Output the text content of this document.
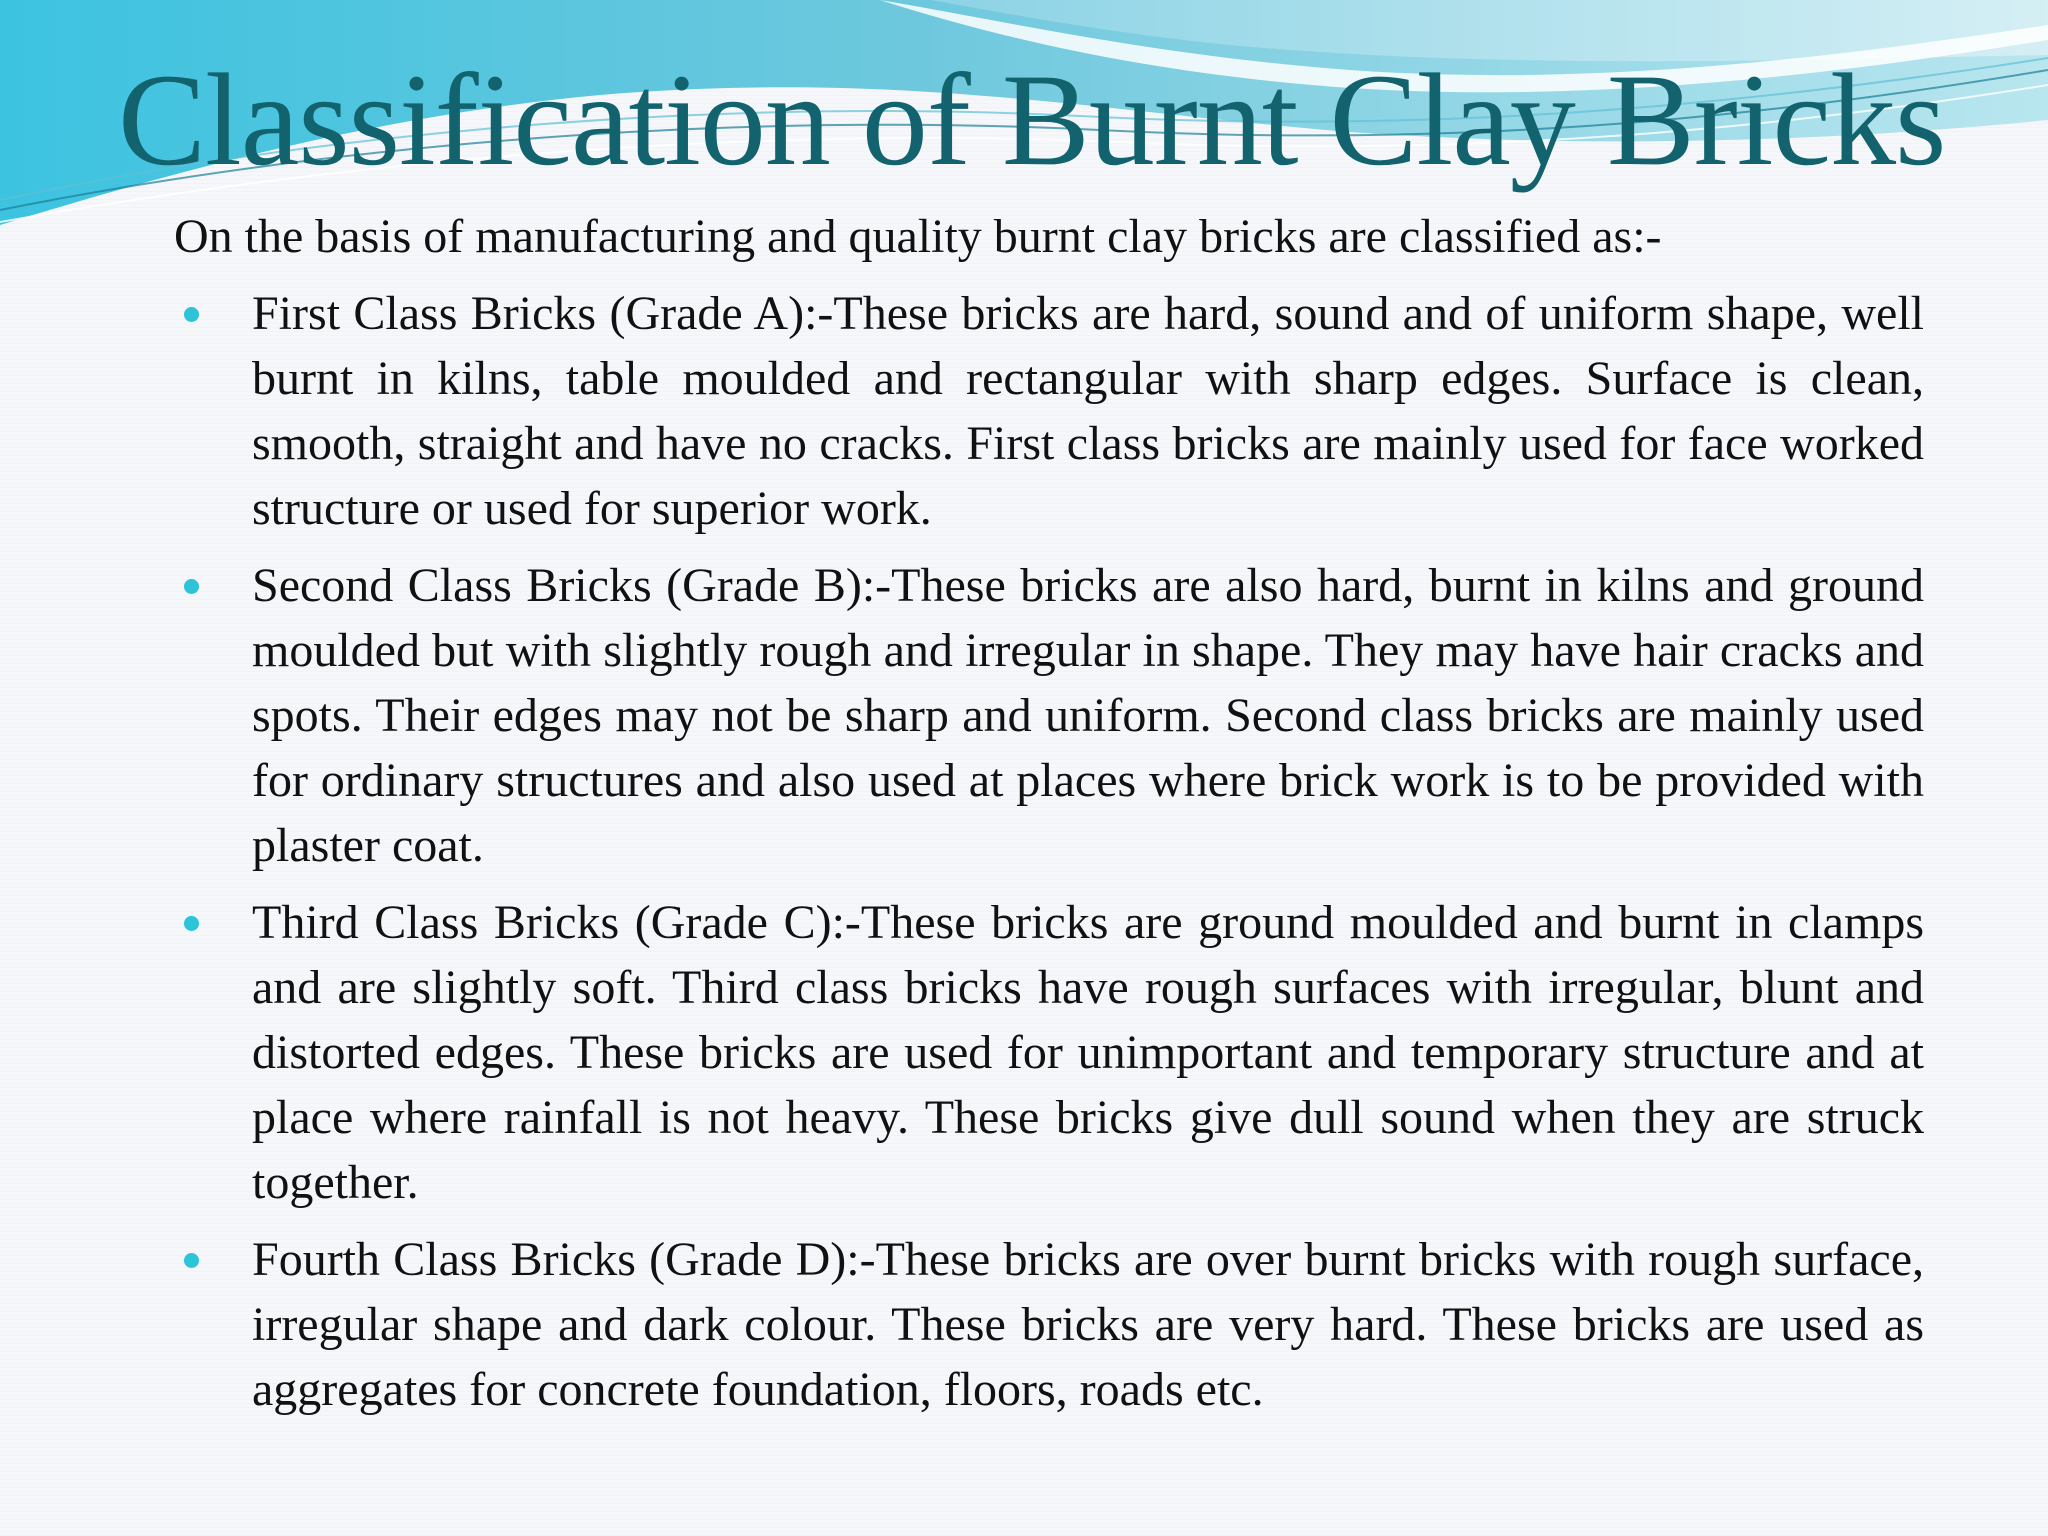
Classification of Burnt Clay Bricks

On the basis of manufacturing and quality burnt clay bricks are classified as:-

First Class Bricks (Grade A):-These bricks are hard, sound and of uniform shape, well burnt in kilns, table moulded and rectangular with sharp edges. Surface is clean, smooth, straight and have no cracks. First class bricks are mainly used for face worked structure or used for superior work.
Second Class Bricks (Grade B):-These bricks are also hard, burnt in kilns and ground moulded but with slightly rough and irregular in shape. They may have hair cracks and spots. Their edges may not be sharp and uniform. Second class bricks are mainly used for ordinary structures and also used at places where brick work is to be provided with plaster coat.
Third Class Bricks (Grade C):-These bricks are ground moulded and burnt in clamps and are slightly soft. Third class bricks have rough surfaces with irregular, blunt and distorted edges. These bricks are used for unimportant and temporary structure and at place where rainfall is not heavy. These bricks give dull sound when they are struck together.
Fourth Class Bricks (Grade D):-These bricks are over burnt bricks with rough surface, irregular shape and dark colour. These bricks are very hard. These bricks are used as aggregates for concrete foundation, floors, roads etc.
